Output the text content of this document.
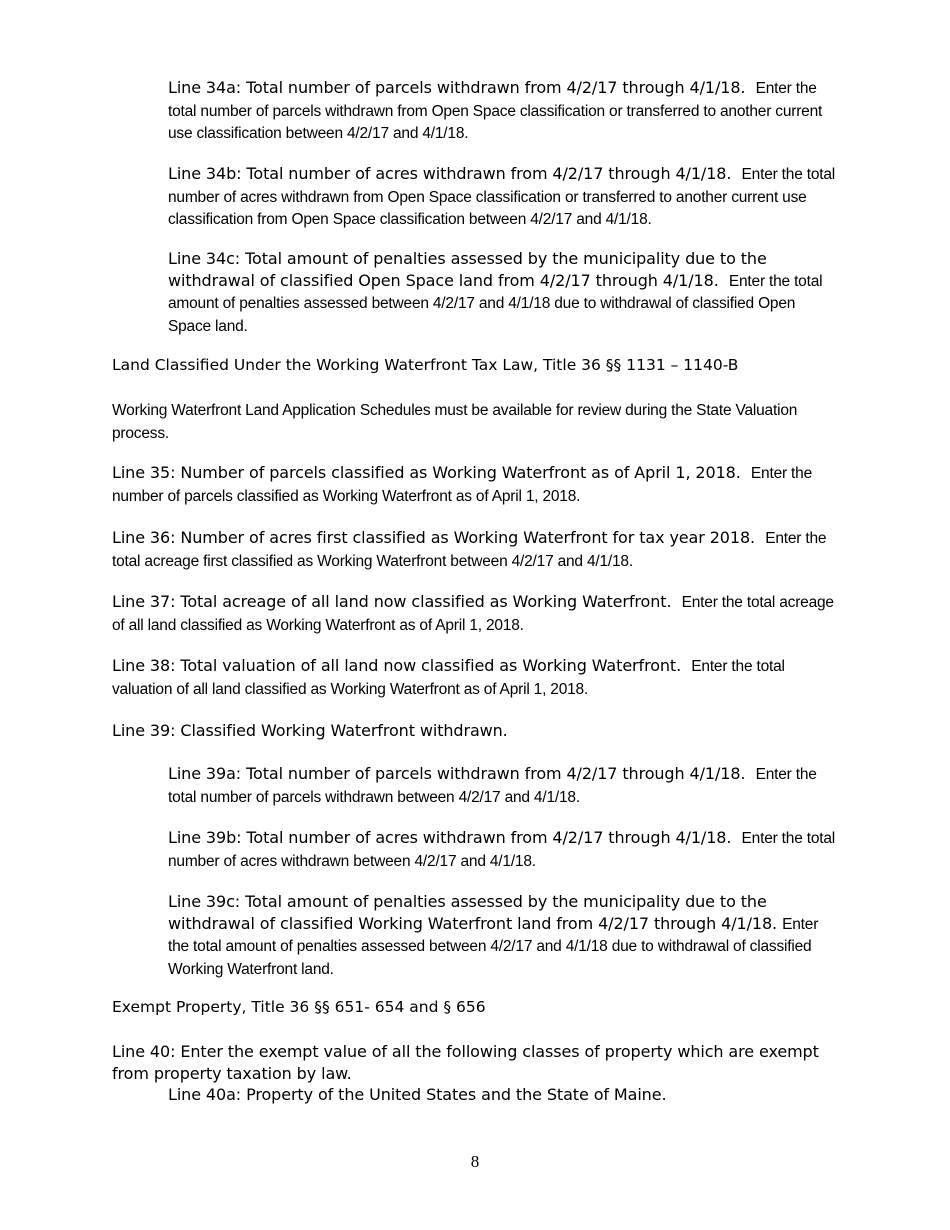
Line 34a: Total number of parcels withdrawn from 4/2/17 through 4/1/18. Enter the total number of parcels withdrawn from Open Space classification or transferred to another current use classification between 4/2/17 and 4/1/18.
Line 34b: Total number of acres withdrawn from 4/2/17 through 4/1/18. Enter the total number of acres withdrawn from Open Space classification or transferred to another current use classification from Open Space classification between 4/2/17 and 4/1/18.
Line 34c: Total amount of penalties assessed by the municipality due to the withdrawal of classified Open Space land from 4/2/17 through 4/1/18. Enter the total amount of penalties assessed between 4/2/17 and 4/1/18 due to withdrawal of classified Open Space land.
Land Classified Under the Working Waterfront Tax Law, Title 36 §§ 1131 – 1140-B
Working Waterfront Land Application Schedules must be available for review during the State Valuation process.
Line 35: Number of parcels classified as Working Waterfront as of April 1, 2018. Enter the number of parcels classified as Working Waterfront as of April 1, 2018.
Line 36: Number of acres first classified as Working Waterfront for tax year 2018. Enter the total acreage first classified as Working Waterfront between 4/2/17 and 4/1/18.
Line 37: Total acreage of all land now classified as Working Waterfront. Enter the total acreage of all land classified as Working Waterfront as of April 1, 2018.
Line 38: Total valuation of all land now classified as Working Waterfront. Enter the total valuation of all land classified as Working Waterfront as of April 1, 2018.
Line 39: Classified Working Waterfront withdrawn.
Line 39a: Total number of parcels withdrawn from 4/2/17 through 4/1/18. Enter the total number of parcels withdrawn between 4/2/17 and 4/1/18.
Line 39b: Total number of acres withdrawn from 4/2/17 through 4/1/18. Enter the total number of acres withdrawn between 4/2/17 and 4/1/18.
Line 39c: Total amount of penalties assessed by the municipality due to the withdrawal of classified Working Waterfront land from 4/2/17 through 4/1/18. Enter the total amount of penalties assessed between 4/2/17 and 4/1/18 due to withdrawal of classified Working Waterfront land.
Exempt Property, Title 36 §§ 651- 654 and § 656
Line 40: Enter the exempt value of all the following classes of property which are exempt from property taxation by law.
Line 40a: Property of the United States and the State of Maine.
8
